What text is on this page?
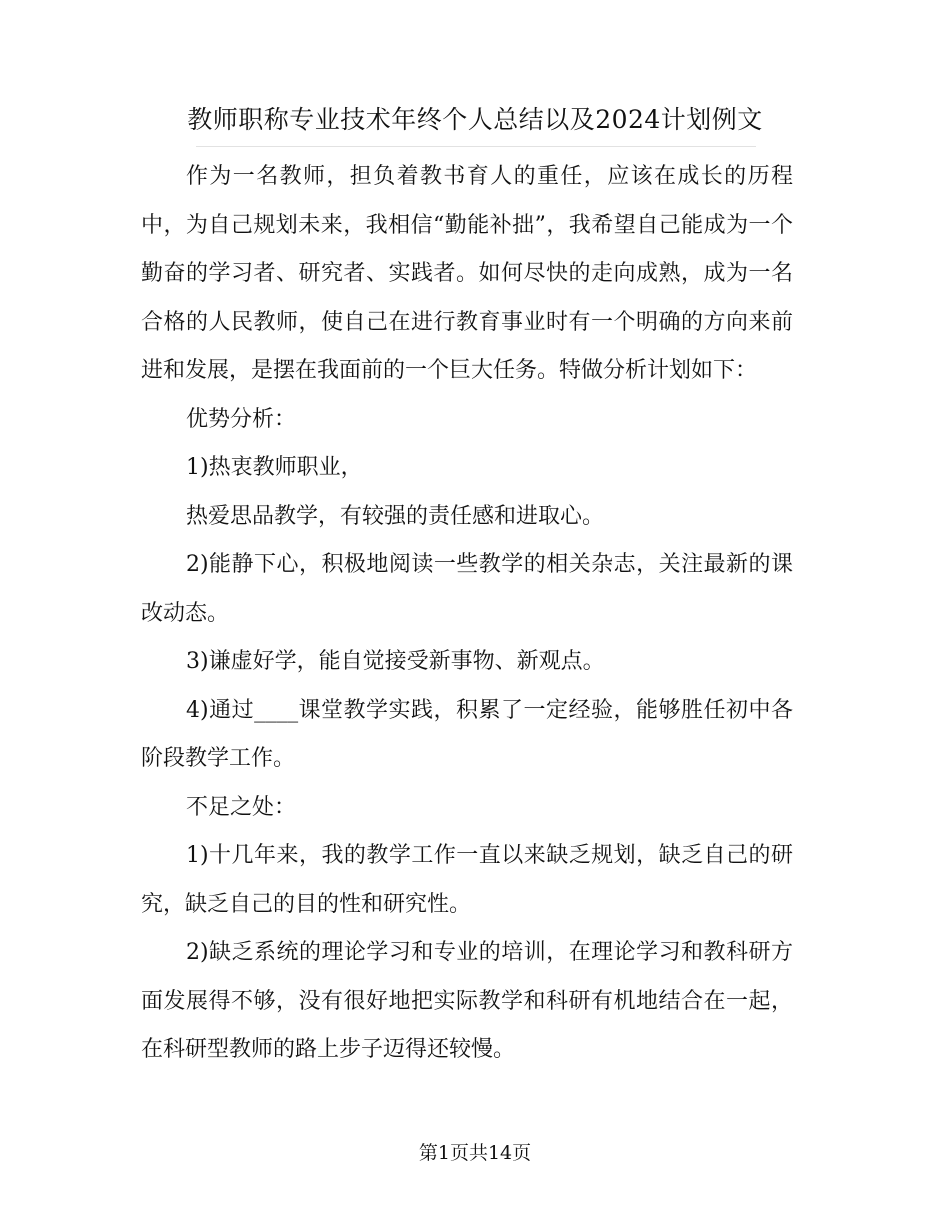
教师职称专业技术年终个人总结以及2024计划例文

作为一名教师，担负着教书育人的重任，应该在成长的历程中，为自己规划未来，我相信“勤能补拙”，我希望自己能成为一个勤奋的学习者、研究者、实践者。如何尽快的走向成熟，成为一名合格的人民教师，使自己在进行教育事业时有一个明确的方向来前进和发展，是摆在我面前的一个巨大任务。特做分析计划如下：

优势分析：

1)热衷教师职业，

热爱思品教学，有较强的责任感和进取心。

2)能静下心，积极地阅读一些教学的相关杂志，关注最新的课改动态。

3)谦虚好学，能自觉接受新事物、新观点。

4)通过____课堂教学实践，积累了一定经验，能够胜任初中各阶段教学工作。

不足之处：

1)十几年来，我的教学工作一直以来缺乏规划，缺乏自己的研究，缺乏自己的目的性和研究性。

2)缺乏系统的理论学习和专业的培训，在理论学习和教科研方面发展得不够，没有很好地把实际教学和科研有机地结合在一起，在科研型教师的路上步子迈得还较慢。

第1页共14页
